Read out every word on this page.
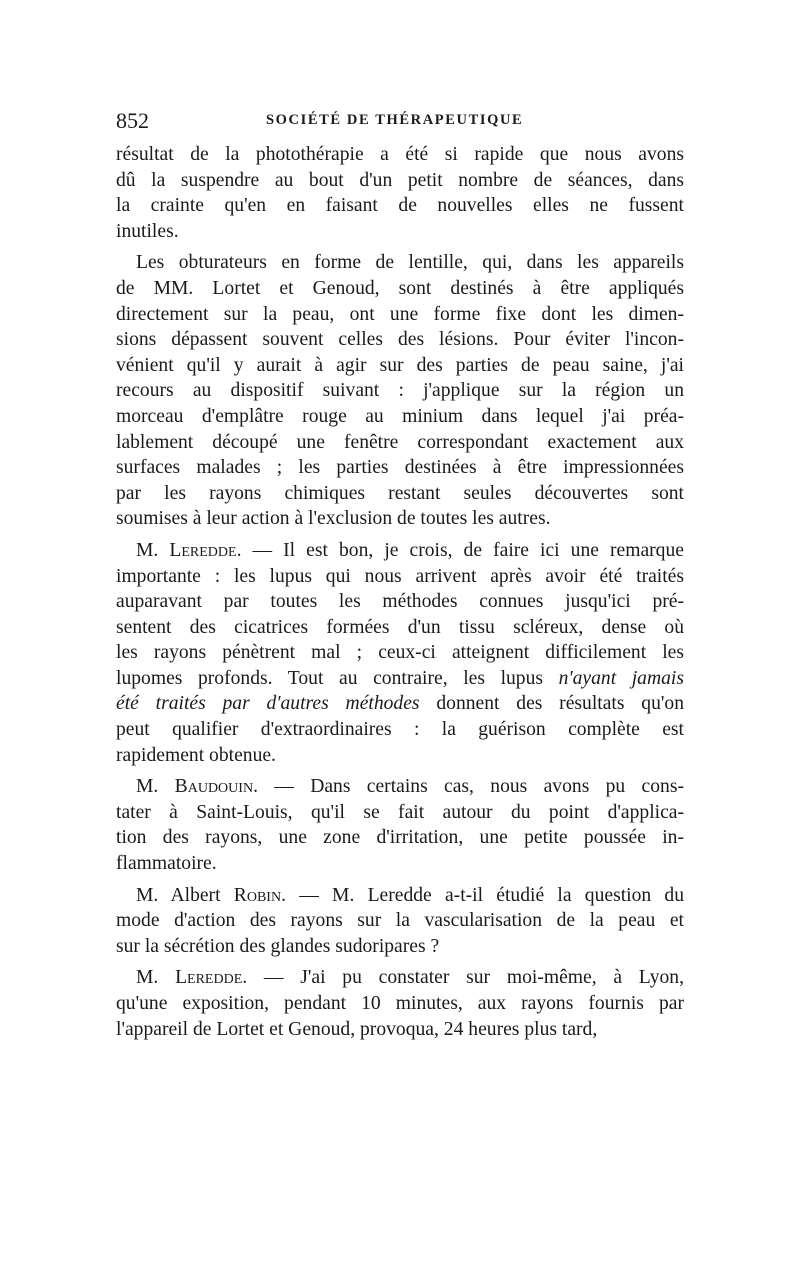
852	SOCIÉTÉ DE THÉRAPEUTIQUE
résultat de la photothérapie a été si rapide que nous avons
dû la suspendre au bout d'un petit nombre de séances, dans
la crainte qu'en en faisant de nouvelles elles ne fussent
inutiles.
Les obturateurs en forme de lentille, qui, dans les appareils
de MM. Lortet et Genoud, sont destinés à être appliqués
directement sur la peau, ont une forme fixe dont les dimen-
sions dépassent souvent celles des lésions. Pour éviter l'incon-
vénient qu'il y aurait à agir sur des parties de peau saine, j'ai
recours au dispositif suivant : j'applique sur la région un
morceau d'emplâtre rouge au minium dans lequel j'ai préa-
lablement découpé une fenêtre correspondant exactement aux
surfaces malades ; les parties destinées à être impressionnées
par les rayons chimiques restant seules découvertes sont
soumises à leur action à l'exclusion de toutes les autres.
M. Leredde. — Il est bon, je crois, de faire ici une remarque
importante : les lupus qui nous arrivent après avoir été traités
auparavant par toutes les méthodes connues jusqu'ici pré-
sentent des cicatrices formées d'un tissu scléreux, dense où
les rayons pénètrent mal ; ceux-ci atteignent difficilement les
lupomes profonds. Tout au contraire, les lupus n'ayant jamais
été traités par d'autres méthodes donnent des résultats qu'on
peut qualifier d'extraordinaires : la guérison complète est
rapidement obtenue.
M. Baudouin. — Dans certains cas, nous avons pu cons-
tater à Saint-Louis, qu'il se fait autour du point d'applica-
tion des rayons, une zone d'irritation, une petite poussée in-
flammatoire.
M. Albert Robin. — M. Leredde a-t-il étudié la question du
mode d'action des rayons sur la vascularisation de la peau et
sur la sécrétion des glandes sudoripares ?
M. Leredde. — J'ai pu constater sur moi-même, à Lyon,
qu'une exposition, pendant 10 minutes, aux rayons fournis par
l'appareil de Lortet et Genoud, provoqua, 24 heures plus tard,
